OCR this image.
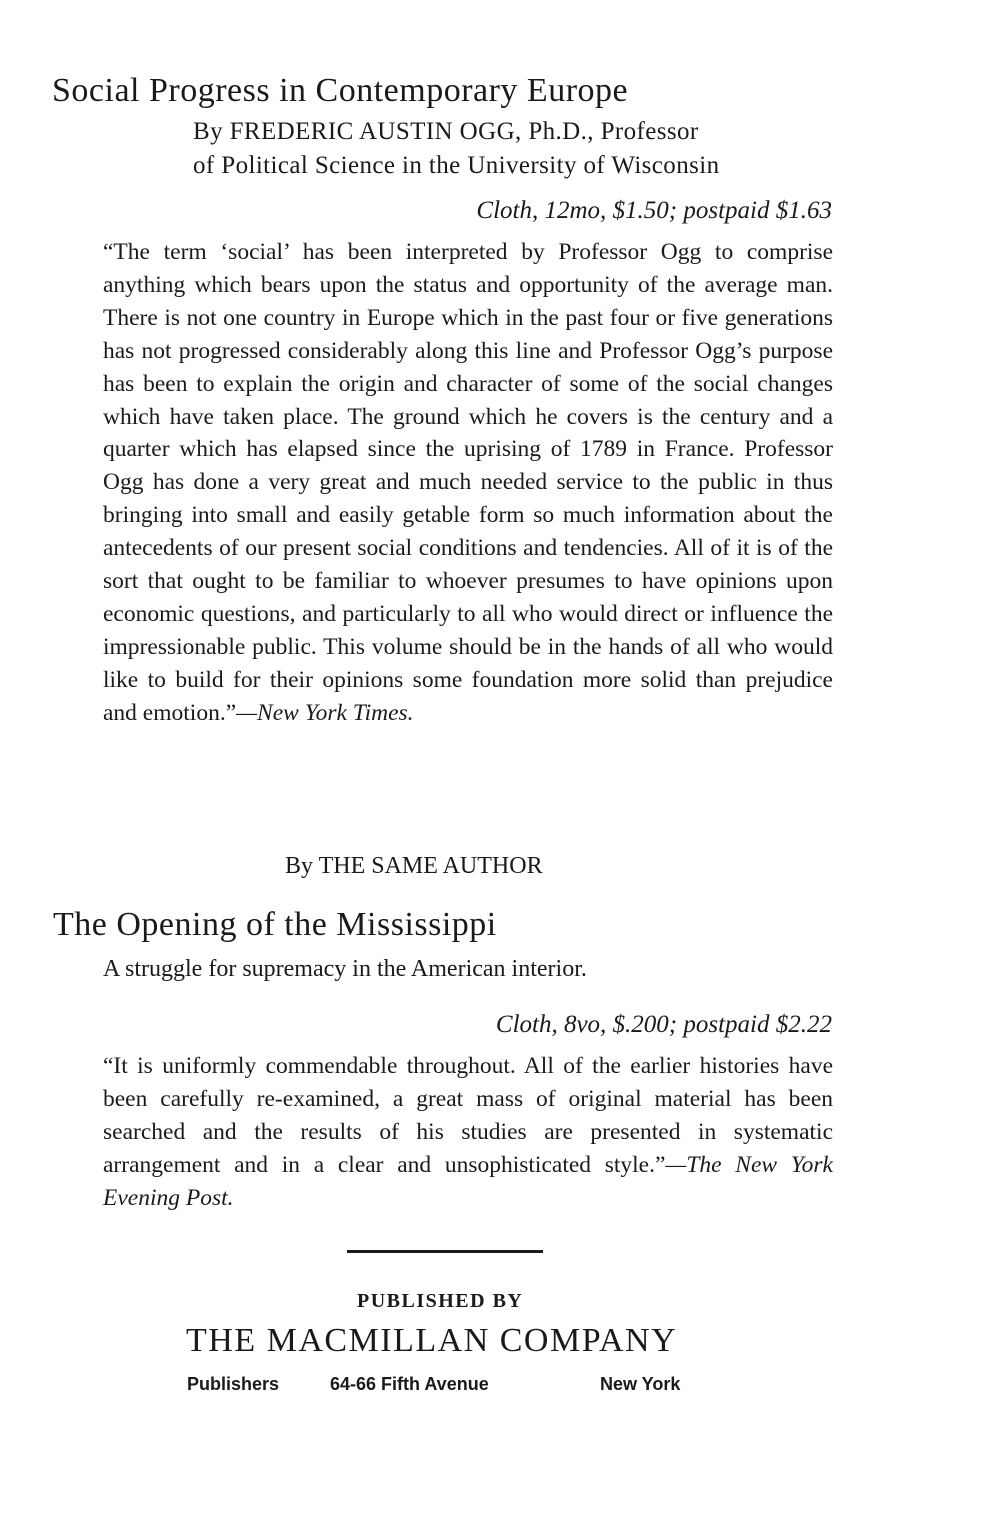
Social Progress in Contemporary Europe
By FREDERIC AUSTIN OGG, Ph.D., Professor
of Political Science in the University of Wisconsin
Cloth, 12mo, $1.50; postpaid $1.63

“The term ‘social’ has been interpreted by Professor Ogg to comprise anything which bears upon the status and opportunity of the average man. There is not one country in Europe which in the past four or five generations has not progressed considerably along this line and Professor Ogg’s purpose has been to explain the origin and character of some of the social changes which have taken place. The ground which he covers is the century and a quarter which has elapsed since the uprising of 1789 in France. Professor Ogg has done a very great and much needed service to the public in thus bringing into small and easily getable form so much information about the antecedents of our present social conditions and tendencies. All of it is of the sort that ought to be familiar to whoever presumes to have opinions upon economic questions, and particularly to all who would direct or influence the impressionable public. This volume should be in the hands of all who would like to build for their opinions some foundation more solid than prejudice and emotion.”—New York Times.

By THE SAME AUTHOR
The Opening of the Mississippi
A struggle for supremacy in the American interior.
Cloth, 8vo, $.200; postpaid $2.22

“It is uniformly commendable throughout. All of the earlier histories have been carefully re-examined, a great mass of original material has been searched and the results of his studies are presented in systematic arrangement and in a clear and unsophisticated style.”—The New York Evening Post.

PUBLISHED BY
THE MACMILLAN COMPANY
Publishers	64-66 Fifth Avenue	New York
